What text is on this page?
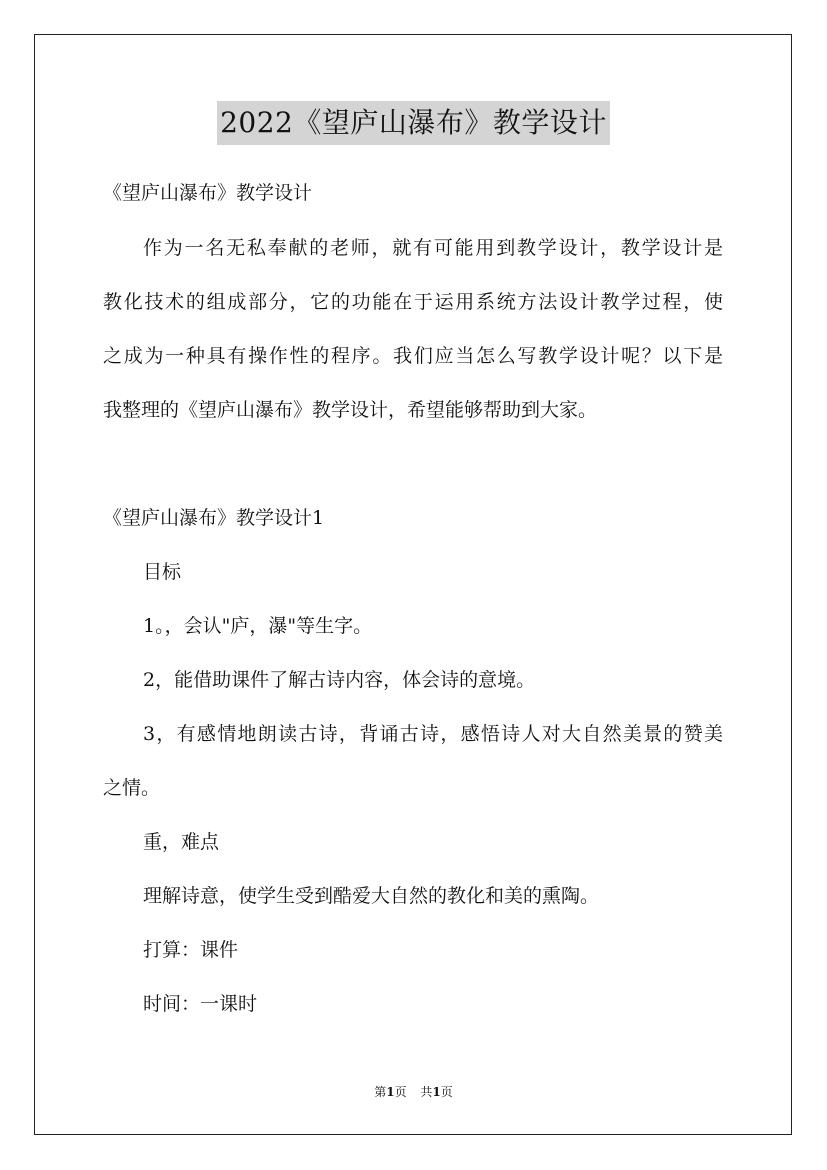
2022《望庐山瀑布》教学设计
《望庐山瀑布》教学设计
作为一名无私奉献的老师，就有可能用到教学设计，教学设计是
教化技术的组成部分，它的功能在于运用系统方法设计教学过程，使
之成为一种具有操作性的程序。我们应当怎么写教学设计呢？以下是
我整理的《望庐山瀑布》教学设计，希望能够帮助到大家。
《望庐山瀑布》教学设计1
目标
1。，会认"庐，瀑"等生字。
2，能借助课件了解古诗内容，体会诗的意境。
3，有感情地朗读古诗，背诵古诗，感悟诗人对大自然美景的赞美
之情。
重，难点
理解诗意，使学生受到酷爱大自然的教化和美的熏陶。
打算：课件
时间：一课时
第1页 共1页
